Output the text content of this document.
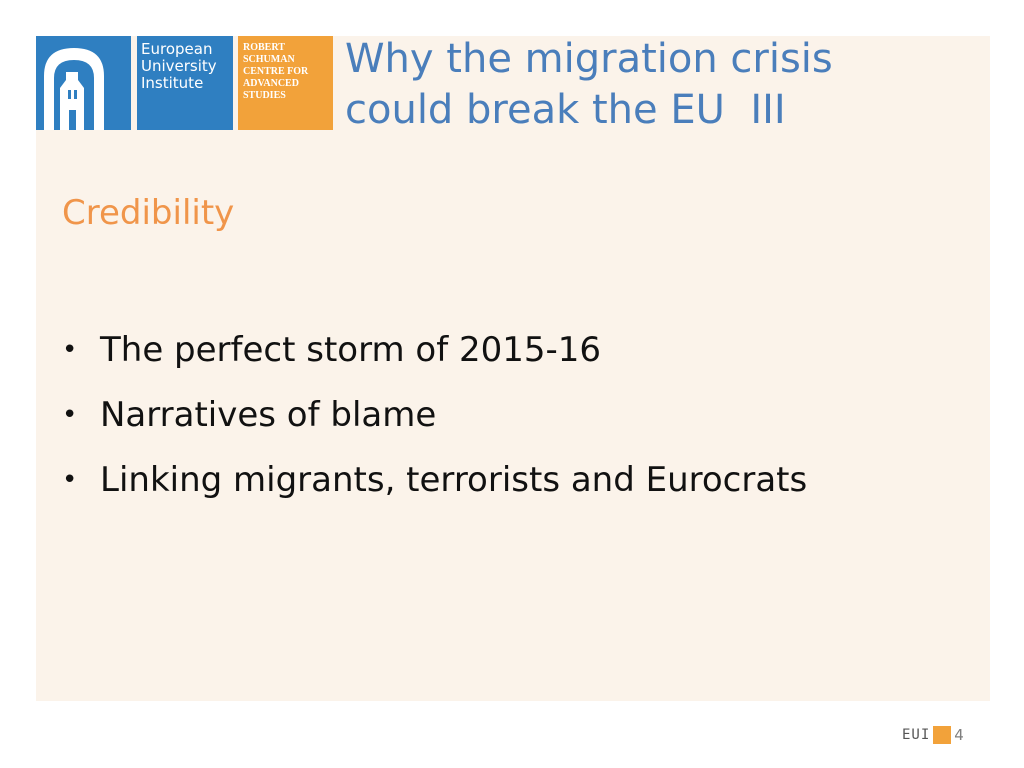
European
University
Institute
ROBERT
SCHUMAN
CENTRE FOR
ADVANCED
STUDIES
Why the migration crisis
could break the EU  III
Credibility
• The perfect storm of 2015-16
• Narratives of blame
• Linking migrants, terrorists and Eurocrats
EUI 4
